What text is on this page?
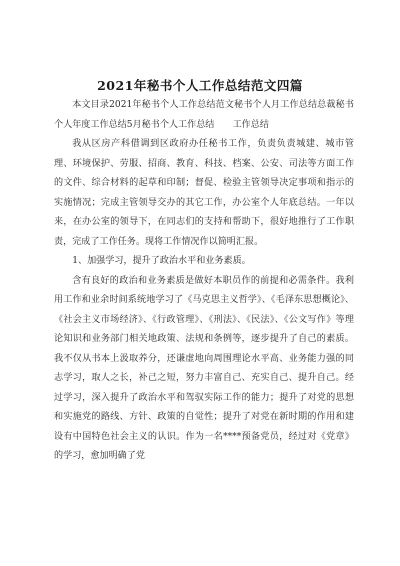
2021年秘书个人工作总结范文四篇

本文目录2021年秘书个人工作总结范文秘书个人月工作总结总裁秘书个人年度工作总结5月秘书个人工作总结　　工作总结

我从区房产科借调到区政府办任秘书工作，负责负责城建、城市管理、环境保护、劳服、招商、教育、科技、档案、公安、司法等方面工作的文件、综合材料的起草和印制；督促、检验主管领导决定事项和指示的实施情况；完成主管领导交办的其它工作，办公室个人年底总结。一年以来，在办公室的领导下，在同志们的支持和帮助下，很好地推行了工作职责，完成了工作任务。现将工作情况作以简明汇报。

1、加强学习，提升了政治水平和业务素质。

含有良好的政治和业务素质是做好本职员作的前提和必需条件。我利用工作和业余时间系统地学习了《马克思主义哲学》、《毛泽东思想概论》、《社会主义市场经济》、《行政管理》、《刑法》、《民法》、《公文写作》等理论知识和业务部门相关地政策、法规和条例等，逐步提升了自己的素质。我不仅从书本上汲取养分，还谦虚地向周围理论水平高、业务能力强的同志学习，取人之长，补己之短，努力丰富自己、充实自己、提升自己。经过学习，深入提升了政治水平和驾驭实际工作的能力；提升了对党的思想和实施党的路线、方针、政策的自觉性；提升了对党在新时期的作用和建设有中国特色社会主义的认识。作为一名****预备党员，经过对《党章》的学习，愈加明确了党
